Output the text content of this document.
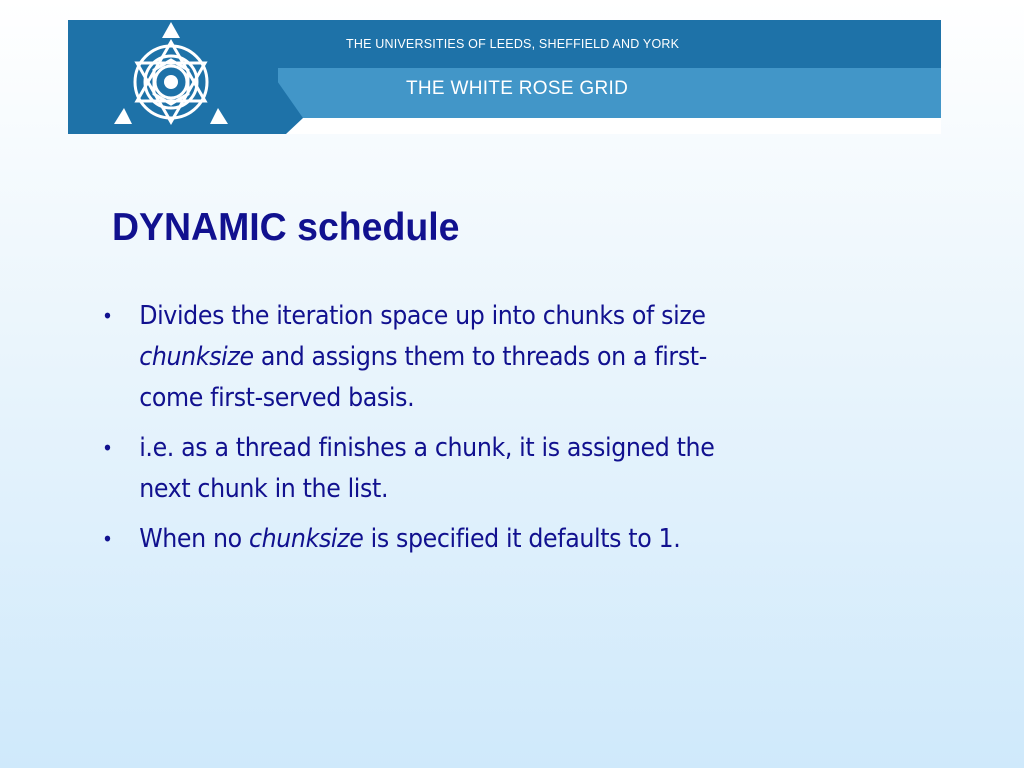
THE UNIVERSITIES OF LEEDS, SHEFFIELD AND YORK
THE WHITE ROSE GRID
DYNAMIC schedule
• Divides the iteration space up into chunks of size
chunksize and assigns them to threads on a first-
come first-served basis.
• i.e. as a thread finishes a chunk, it is assigned the
next chunk in the list.
• When no chunksize is specified it defaults to 1.
